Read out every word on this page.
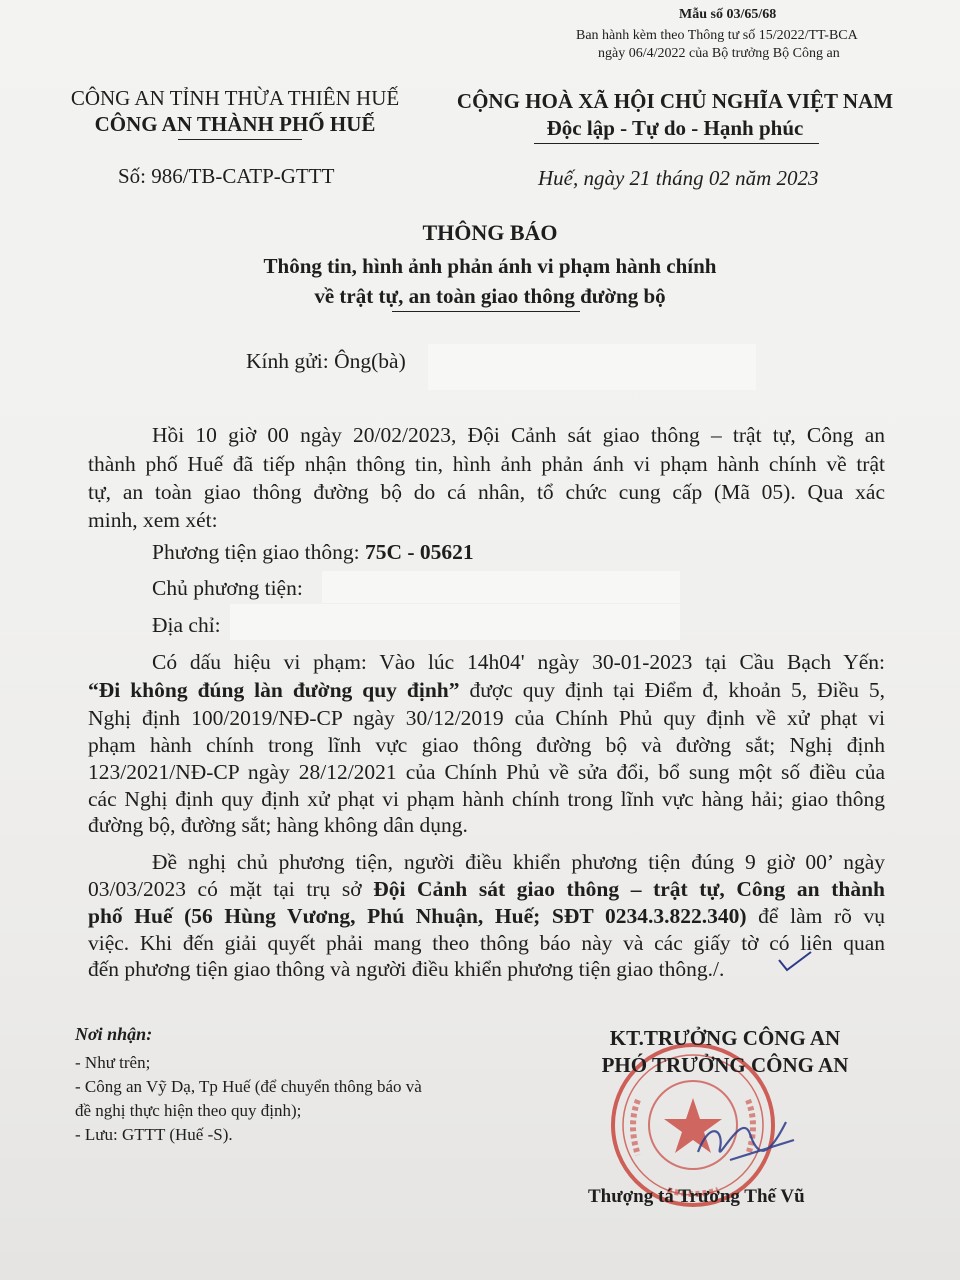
Mẫu số 03/65/68
Ban hành kèm theo Thông tư số 15/2022/TT-BCA
ngày 06/4/2022 của Bộ trưởng Bộ Công an
CÔNG AN TỈNH THỪA THIÊN HUẾ
CÔNG AN THÀNH PHỐ HUẾ
Số: 986/TB-CATP-GTTT
CỘNG HOÀ XÃ HỘI CHỦ NGHĨA VIỆT NAM
Độc lập - Tự do - Hạnh phúc
Huế, ngày 21 tháng 02 năm 2023
THÔNG BÁO
Thông tin, hình ảnh phản ánh vi phạm hành chính
về trật tự, an toàn giao thông đường bộ
Kính gửi: Ông(bà)
Hồi 10 giờ 00 ngày 20/02/2023, Đội Cảnh sát giao thông – trật tự, Công an
thành phố Huế đã tiếp nhận thông tin, hình ảnh phản ánh vi phạm hành chính về trật
tự, an toàn giao thông đường bộ do cá nhân, tổ chức cung cấp (Mã 05). Qua xác
minh, xem xét:
Phương tiện giao thông: 75C - 05621
Chủ phương tiện:
Địa chỉ:
Có dấu hiệu vi phạm: Vào lúc 14h04' ngày 30-01-2023 tại Cầu Bạch Yến:
“Đi không đúng làn đường quy định” được quy định tại Điểm đ, khoản 5, Điều 5,
Nghị định 100/2019/NĐ-CP ngày 30/12/2019 của Chính Phủ quy định về xử phạt vi
phạm hành chính trong lĩnh vực giao thông đường bộ và đường sắt; Nghị định
123/2021/NĐ-CP ngày 28/12/2021 của Chính Phủ về sửa đổi, bổ sung một số điều của
các Nghị định quy định xử phạt vi phạm hành chính trong lĩnh vực hàng hải; giao thông
đường bộ, đường sắt; hàng không dân dụng.
Đề nghị chủ phương tiện, người điều khiển phương tiện đúng 9 giờ 00’ ngày
03/03/2023 có mặt tại trụ sở Đội Cảnh sát giao thông – trật tự, Công an thành
phố Huế (56 Hùng Vương, Phú Nhuận, Huế; SĐT 0234.3.822.340) để làm rõ vụ
việc. Khi đến giải quyết phải mang theo thông báo này và các giấy tờ có liên quan
đến phương tiện giao thông và người điều khiển phương tiện giao thông./.
Nơi nhận:
- Như trên;
- Công an Vỹ Dạ, Tp Huế (để chuyển thông báo và
đề nghị thực hiện theo quy định);
- Lưu: GTTT (Huế -S).
KT.TRƯỞNG CÔNG AN
PHÓ TRƯỞNG CÔNG AN
Thượng tá Trương Thế Vũ
